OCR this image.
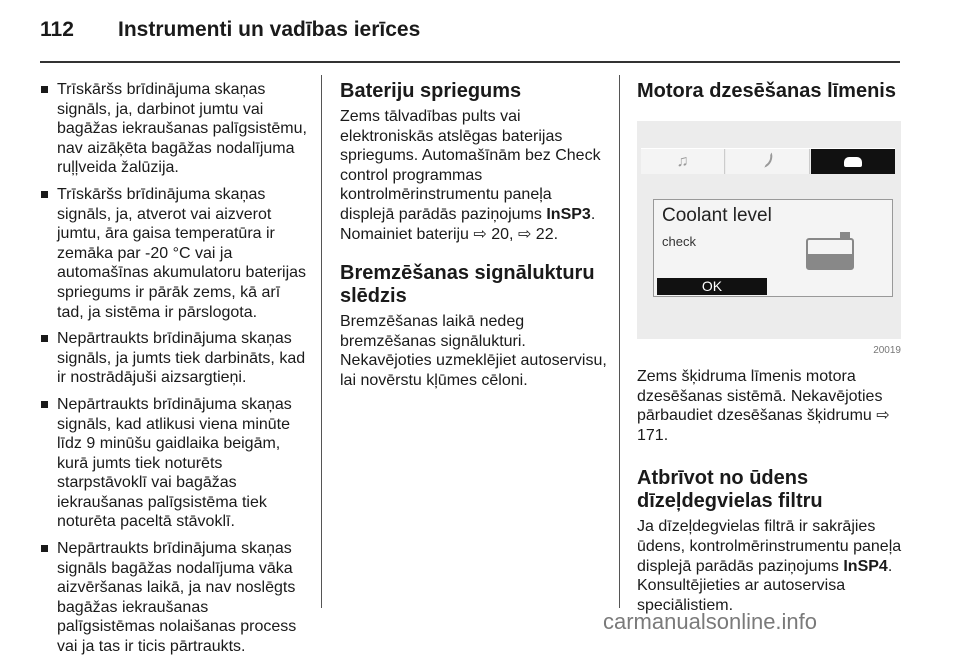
112 Instrumenti un vadības ierīces
Trīskāršs brīdinājuma skaņas signāls, ja, darbinot jumtu vai bagāžas iekraušanas palīgsistēmu, nav aizāķēta bagāžas nodalījuma ruļļveida žalūzija.
Trīskāršs brīdinājuma skaņas signāls, ja, atverot vai aizverot jumtu, āra gaisa temperatūra ir zemāka par -20 °C vai ja automašīnas akumulatoru baterijas spriegums ir pārāk zems, kā arī tad, ja sistēma ir pārslogota.
Nepārtraukts brīdinājuma skaņas signāls, ja jumts tiek darbināts, kad ir nostrādājuši aizsargtieņi.
Nepārtraukts brīdinājuma skaņas signāls, kad atlikusi viena minūte līdz 9 minūšu gaidlaika beigām, kurā jumts tiek noturēts starpstāvoklī vai bagāžas iekraušanas palīgsistēma tiek noturēta paceltā stāvoklī.
Nepārtraukts brīdinājuma skaņas signāls bagāžas nodalījuma vāka aizvēršanas laikā, ja nav noslēgts bagāžas iekraušanas palīgsistēmas nolaišanas process vai ja tas ir ticis pārtraukts.
Bateriju spriegums

Zems tālvadības pults vai elektroniskās atslēgas baterijas spriegums. Automašīnām bez Check control programmas kontrolmērinstrumentu paneļa displejā parādās paziņojums InSP3.

Nomainiet bateriju ⇨ 20, ⇨ 22.

Bremzēšanas signālukturu slēdzis

Bremzēšanas laikā nedeg bremzēšanas signālukturi. Nekavējoties uzmeklējiet autoservisu, lai novērstu kļūmes cēloni.

Motora dzesēšanas līmenis
♫
Coolant level
check
OK
20019

Zems šķidruma līmenis motora dzesēšanas sistēmā. Nekavējoties pārbaudiet dzesēšanas šķidrumu ⇨ 171.

Atbrīvot no ūdens dīzeļdegvielas filtru

Ja dīzeļdegvielas filtrā ir sakrājies ūdens, kontrolmērinstrumentu paneļa displejā parādās paziņojums InSP4. Konsultējieties ar autoservisa speciālistiem.

carmanualsonline.info
